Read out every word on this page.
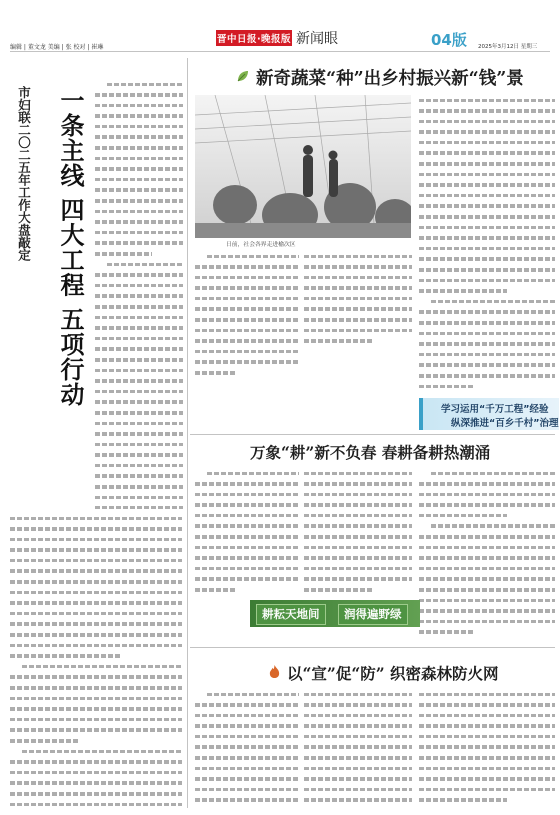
编辑 | 董文龙 美编 | 张 校对 | 崔琳
晋中日报·晚报版 新闻眼	04版 2025年3月12日 星期三
市妇联二〇二五年工作大盘敲定 一条主线 四大工程 五项行动
新奇蔬菜“种”出乡村振兴新“钱”景
日前，社会各界走进榆次区
学习运用“千万工程”经验
纵深推进“百乡千村”治理
万象“耕”新不负春 春耕备耕热潮涌
耕耘天地间	润得遍野绿
以“宣”促“防” 织密森林防火网
